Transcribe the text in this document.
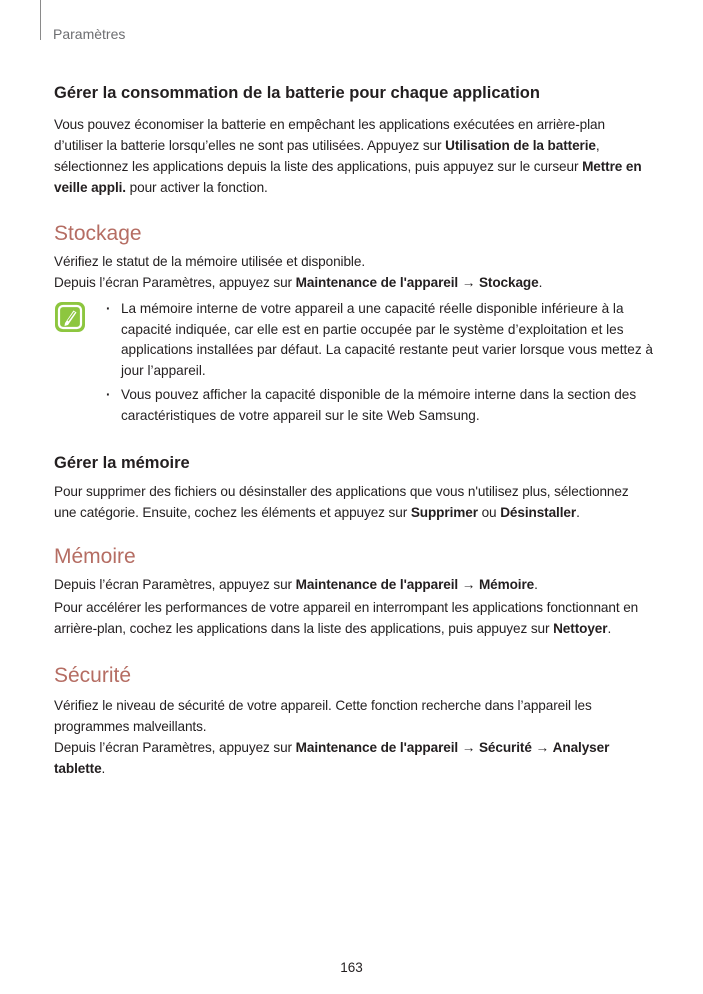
Paramètres
Gérer la consommation de la batterie pour chaque application

Vous pouvez économiser la batterie en empêchant les applications exécutées en arrière-plan d’utiliser la batterie lorsqu’elles ne sont pas utilisées. Appuyez sur Utilisation de la batterie, sélectionnez les applications depuis la liste des applications, puis appuyez sur le curseur Mettre en veille appli. pour activer la fonction.

Stockage

Vérifiez le statut de la mémoire utilisée et disponible.

Depuis l’écran Paramètres, appuyez sur Maintenance de l'appareil → Stockage.

· La mémoire interne de votre appareil a une capacité réelle disponible inférieure à la capacité indiquée, car elle est en partie occupée par le système d’exploitation et les applications installées par défaut. La capacité restante peut varier lorsque vous mettez à jour l’appareil.
· Vous pouvez afficher la capacité disponible de la mémoire interne dans la section des caractéristiques de votre appareil sur le site Web Samsung.
Gérer la mémoire

Pour supprimer des fichiers ou désinstaller des applications que vous n'utilisez plus, sélectionnez une catégorie. Ensuite, cochez les éléments et appuyez sur Supprimer ou Désinstaller.

Mémoire

Depuis l’écran Paramètres, appuyez sur Maintenance de l'appareil → Mémoire.

Pour accélérer les performances de votre appareil en interrompant les applications fonctionnant en arrière-plan, cochez les applications dans la liste des applications, puis appuyez sur Nettoyer.

Sécurité

Vérifiez le niveau de sécurité de votre appareil. Cette fonction recherche dans l’appareil les programmes malveillants.

Depuis l’écran Paramètres, appuyez sur Maintenance de l'appareil → Sécurité → Analyser tablette.

163
